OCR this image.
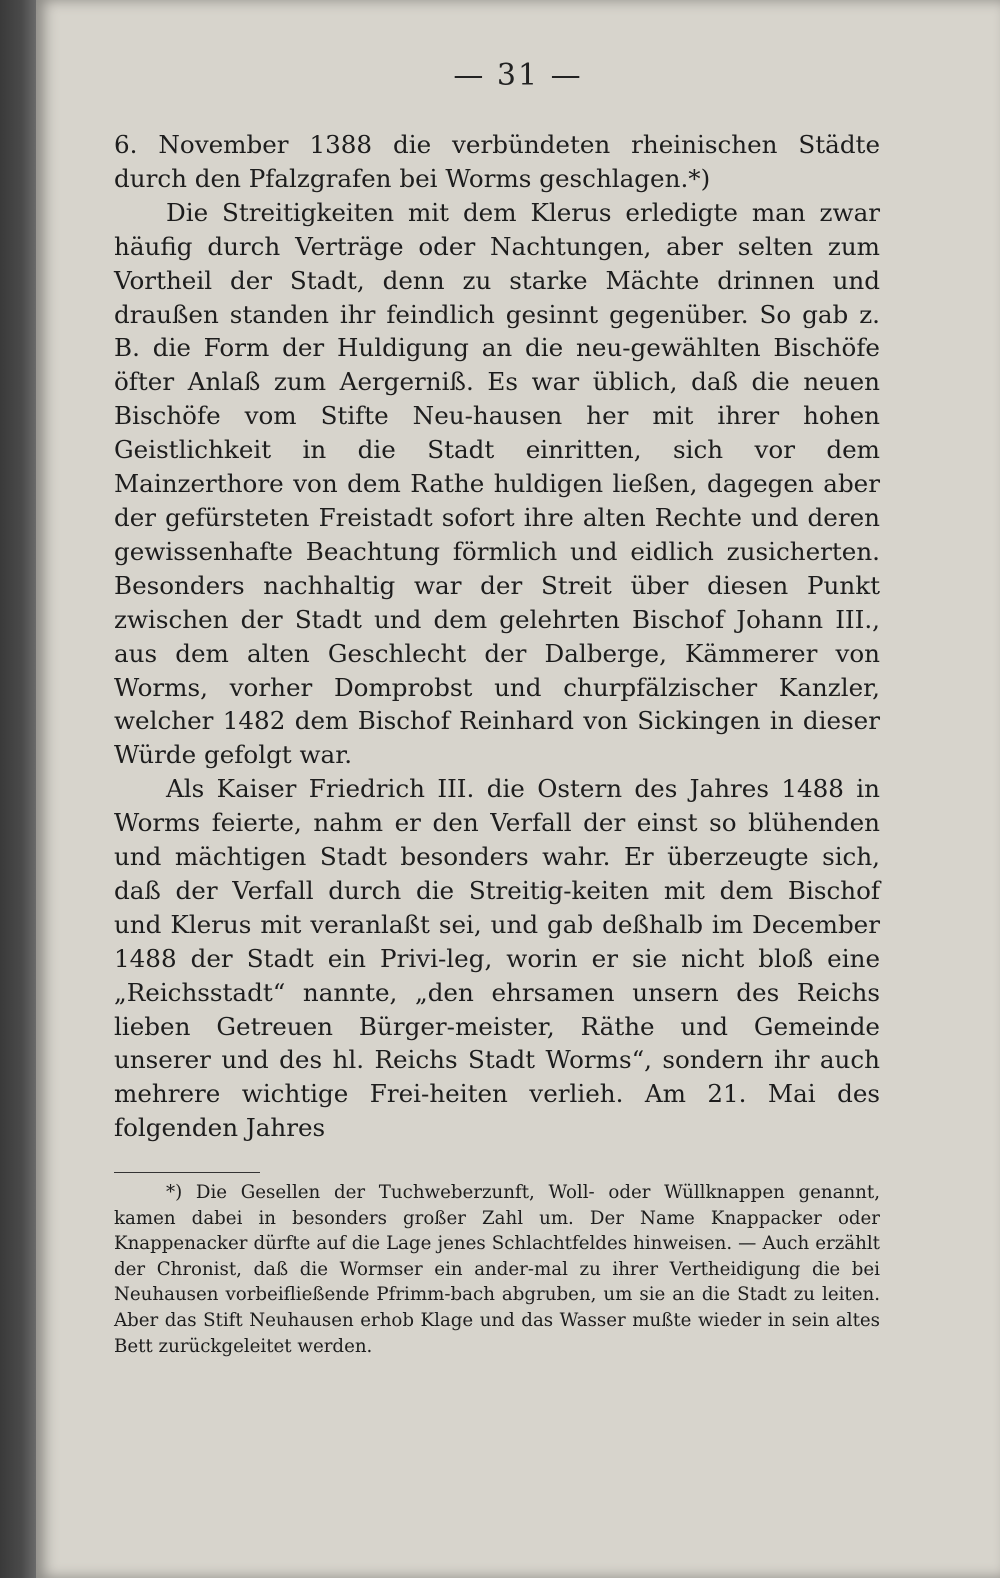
— 31 —

6. November 1388 die verbündeten rheinischen Städte durch den Pfalzgrafen bei Worms geschlagen.*)

Die Streitigkeiten mit dem Klerus erledigte man zwar häufig durch Verträge oder Nachtungen, aber selten zum Vortheil der Stadt, denn zu starke Mächte drinnen und draußen standen ihr feindlich gesinnt gegenüber. So gab z. B. die Form der Huldigung an die neu-gewählten Bischöfe öfter Anlaß zum Aergerniß. Es war üblich, daß die neuen Bischöfe vom Stifte Neu-hausen her mit ihrer hohen Geistlichkeit in die Stadt einritten, sich vor dem Mainzerthore von dem Rathe huldigen ließen, dagegen aber der gefürsteten Freistadt sofort ihre alten Rechte und deren gewissenhafte Beachtung förmlich und eidlich zusicherten. Besonders nachhaltig war der Streit über diesen Punkt zwischen der Stadt und dem gelehrten Bischof Johann III., aus dem alten Geschlecht der Dalberge, Kämmerer von Worms, vorher Domprobst und churpfälzischer Kanzler, welcher 1482 dem Bischof Reinhard von Sickingen in dieser Würde gefolgt war.

Als Kaiser Friedrich III. die Ostern des Jahres 1488 in Worms feierte, nahm er den Verfall der einst so blühenden und mächtigen Stadt besonders wahr. Er überzeugte sich, daß der Verfall durch die Streitig-keiten mit dem Bischof und Klerus mit veranlaßt sei, und gab deßhalb im December 1488 der Stadt ein Privi-leg, worin er sie nicht bloß eine „Reichsstadt“ nannte, „den ehrsamen unsern des Reichs lieben Getreuen Bürger-meister, Räthe und Gemeinde unserer und des hl. Reichs Stadt Worms“, sondern ihr auch mehrere wichtige Frei-heiten verlieh. Am 21. Mai des folgenden Jahres

*) Die Gesellen der Tuchweberzunft, Woll- oder Wüllknappen genannt, kamen dabei in besonders großer Zahl um. Der Name Knappacker oder Knappenacker dürfte auf die Lage jenes Schlachtfeldes hinweisen. — Auch erzählt der Chronist, daß die Wormser ein ander-mal zu ihrer Vertheidigung die bei Neuhausen vorbeifließende Pfrimm-bach abgruben, um sie an die Stadt zu leiten. Aber das Stift Neuhausen erhob Klage und das Wasser mußte wieder in sein altes Bett zurückgeleitet werden.
